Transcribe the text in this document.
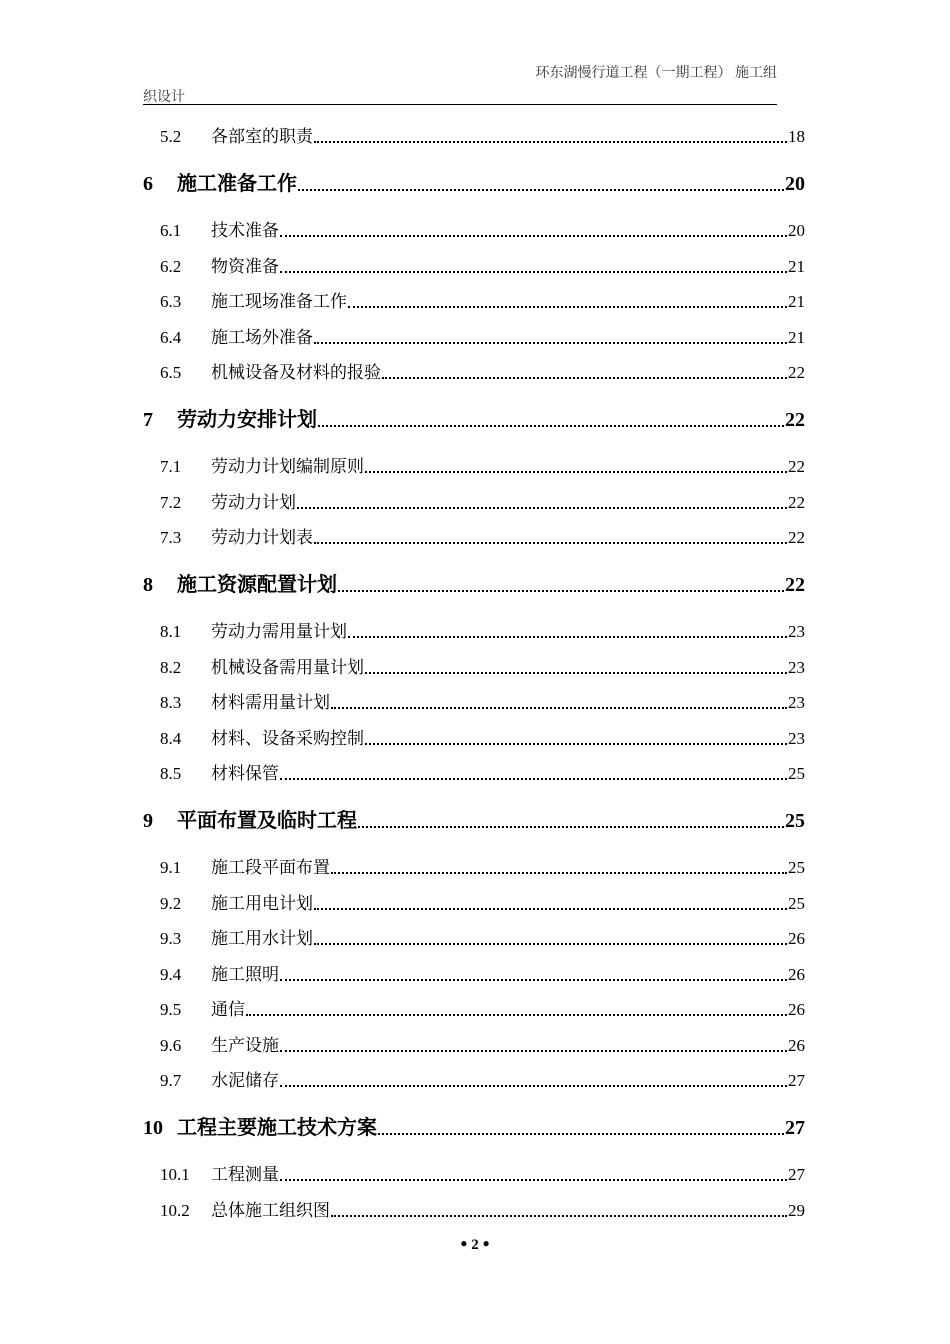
环东湖慢行道工程（一期工程） 施工组
织设计
5.2	各部室的职责	18
6	施工准备工作	20
6.1	技术准备	20
6.2	物资准备	21
6.3	施工现场准备工作	21
6.4	施工场外准备	21
6.5	机械设备及材料的报验	22
7	劳动力安排计划	22
7.1	劳动力计划编制原则	22
7.2	劳动力计划	22
7.3	劳动力计划表	22
8	施工资源配置计划	22
8.1	劳动力需用量计划	23
8.2	机械设备需用量计划	23
8.3	材料需用量计划	23
8.4	材料、设备采购控制	23
8.5	材料保管	25
9	平面布置及临时工程	25
9.1	施工段平面布置	25
9.2	施工用电计划	25
9.3	施工用水计划	26
9.4	施工照明	26
9.5	通信	26
9.6	生产设施	26
9.7	水泥储存	27
10 工程主要施工技术方案	27
10.1	工程测量	27
10.2	总体施工组织图	29
● 2 ●
